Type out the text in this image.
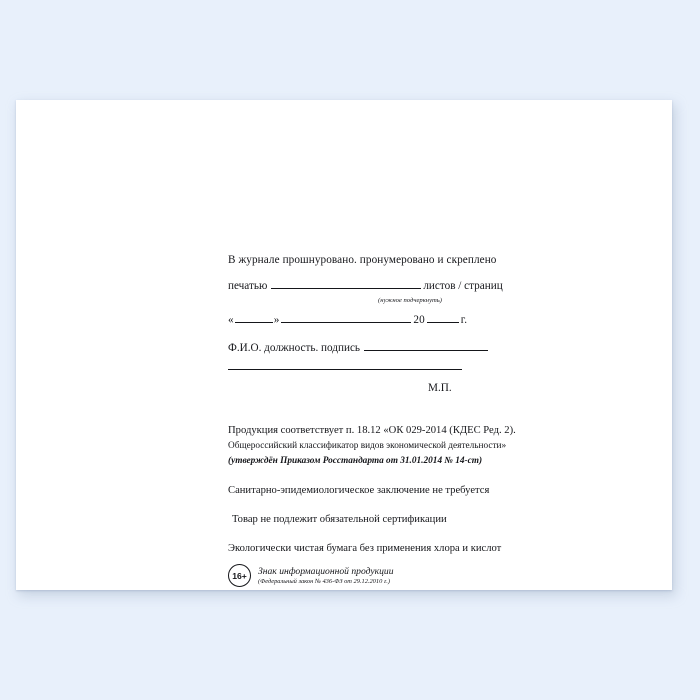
В журнале прошнуровано. пронумеровано и скреплено
печатью	листов / страниц
(нужное подчеркнуть)
«	»	20	г.
Ф.И.О. должность. подпись
М.П.
Продукция соответствует п. 18.12 «ОК 029-2014 (КДЕС Ред. 2).
Общероссийский классификатор видов экономической деятельности»
(утверждён Приказом Росстандарта от 31.01.2014 № 14-ст)
Санитарно-эпидемиологическое заключение не требуется
Товар не подлежит обязательной сертификации
Экологически чистая бумага без применения хлора и кислот
16+	Знак информационной продукции
(Федеральный закон № 436-ФЗ от 29.12.2010 г.)
